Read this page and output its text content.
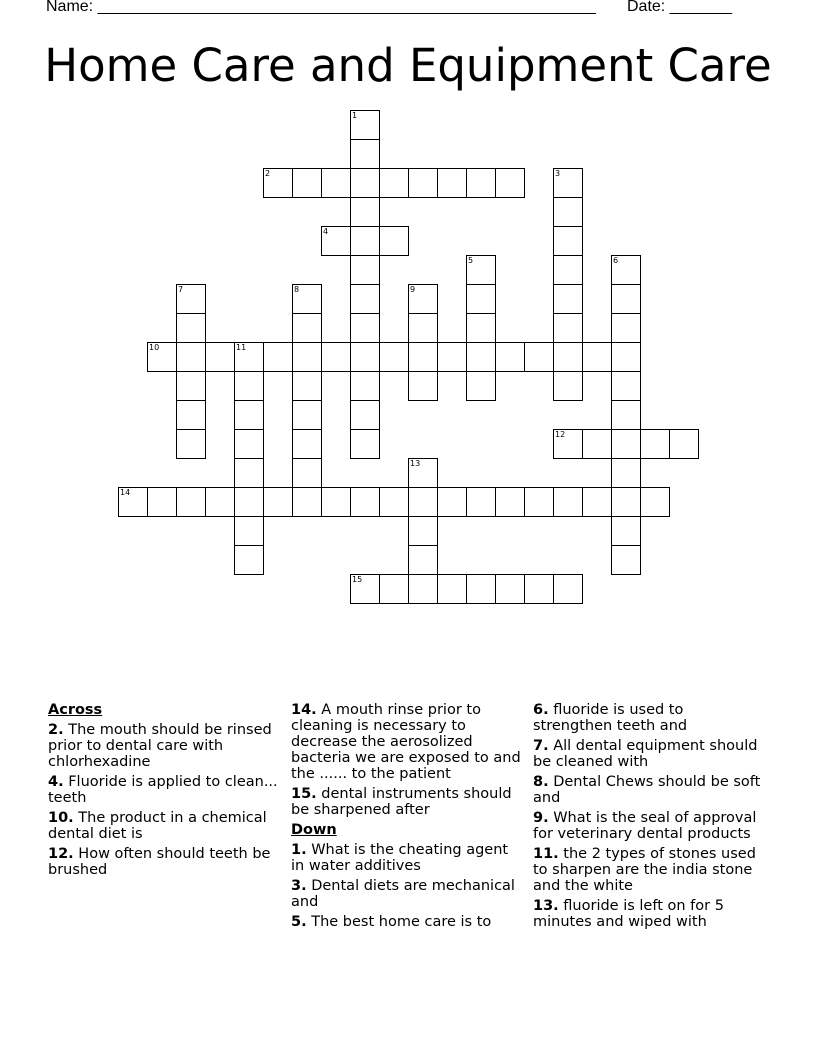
Name: ________________________________________________________ Date: _______
Home Care and Equipment Care
1
2	3
4
5	6
7	8	9
10	11
12
13
14
15
Across
2. The mouth should be rinsed prior to dental care with chlorhexadine
4. Fluoride is applied to clean... teeth
10. The product in a chemical dental diet is
12. How often should teeth be brushed
14. A mouth rinse prior to cleaning is necessary to decrease the aerosolized bacteria we are exposed to and the ...... to the patient
15. dental instruments should be sharpened after
Down
1. What is the cheating agent in water additives
3. Dental diets are mechanical and
5. The best home care is to
6. fluoride is used to strengthen teeth and
7. All dental equipment should be cleaned with
8. Dental Chews should be soft and
9. What is the seal of approval for veterinary dental products
11. the 2 types of stones used to sharpen are the india stone and the white
13. fluoride is left on for 5 minutes and wiped with
